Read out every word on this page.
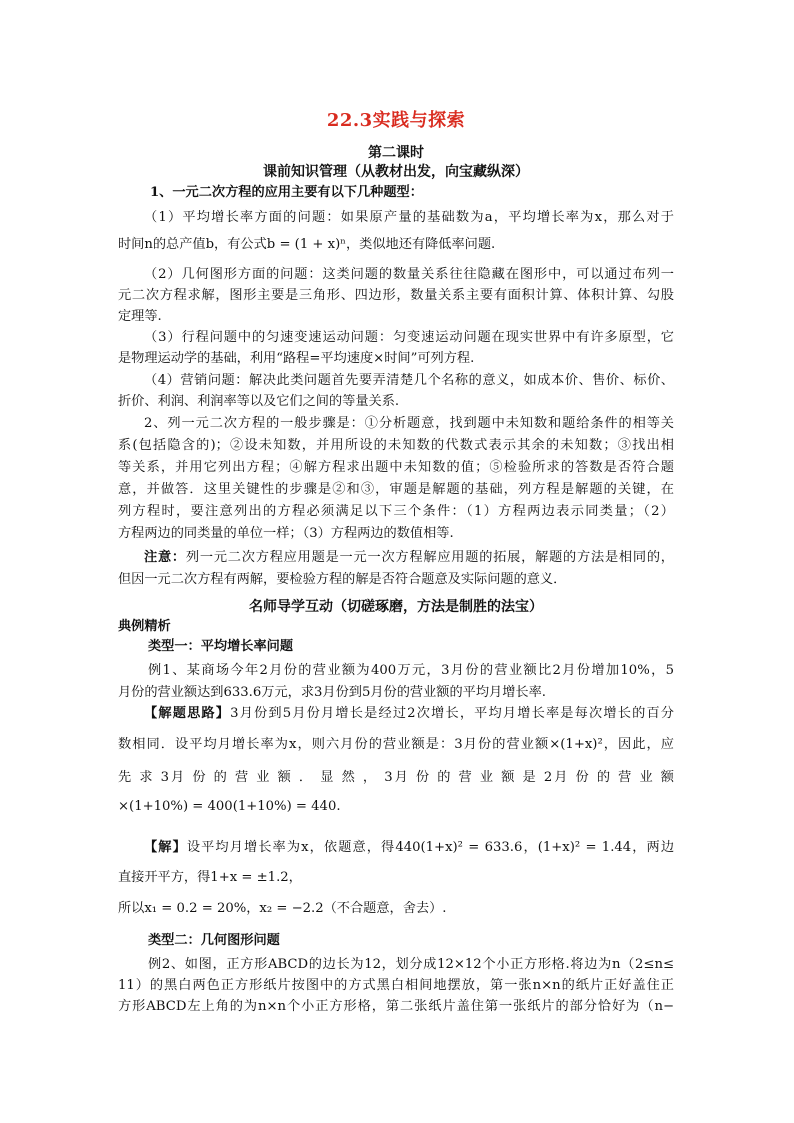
22.3实践与探索
第二课时
课前知识管理（从教材出发，向宝藏纵深）
1、一元二次方程的应用主要有以下几种题型：
（1）平均增长率方面的问题：如果原产量的基础数为a，平均增长率为x，那么对于
时间n的总产值b，有公式b = (1 + x)ⁿ，类似地还有降低率问题.
（2）几何图形方面的问题：这类问题的数量关系往往隐藏在图形中，可以通过布列一
元二次方程求解，图形主要是三角形、四边形，数量关系主要有面积计算、体积计算、勾股
定理等.
（3）行程问题中的匀速变速运动问题：匀变速运动问题在现实世界中有许多原型，它
是物理运动学的基础，利用“路程=平均速度×时间”可列方程.
（4）营销问题：解决此类问题首先要弄清楚几个名称的意义，如成本价、售价、标价、
折价、利润、利润率等以及它们之间的等量关系.
2、列一元二次方程的一般步骤是：①分析题意，找到题中未知数和题给条件的相等关
系(包括隐含的)；②设未知数，并用所设的未知数的代数式表示其余的未知数；③找出相
等关系，并用它列出方程；④解方程求出题中未知数的值；⑤检验所求的答数是否符合题
意，并做答．这里关键性的步骤是②和③，审题是解题的基础，列方程是解题的关键，在
列方程时，要注意列出的方程必须满足以下三个条件：（1）方程两边表示同类量；（2）
方程两边的同类量的单位一样；（3）方程两边的数值相等.
注意：列一元二次方程应用题是一元一次方程解应用题的拓展，解题的方法是相同的，
但因一元二次方程有两解，要检验方程的解是否符合题意及实际问题的意义．
名师导学互动（切磋琢磨，方法是制胜的法宝）
典例精析
类型一：平均增长率问题
例1、某商场今年2月份的营业额为400万元，3月份的营业额比2月份增加10%，5
月份的营业额达到633.6万元，求3月份到5月份的营业额的平均月增长率.
【解题思路】3月份到5月份月增长是经过2次增长，平均月增长率是每次增长的百分
数相同．设平均月增长率为x，则六月份的营业额是：3月份的营业额×(1+x)²，因此，应
先 求 3月 份 的 营 业 额 ． 显 然 ， 3月 份 的 营 业 额 是 2月 份 的 营 业 额
×(1+10%) = 400(1+10%) = 440.
【解】设平均月增长率为x，依题意，得440(1+x)² = 633.6，(1+x)² = 1.44，两边
直接开平方，得1+x = ±1.2，
所以x₁ = 0.2 = 20%，x₂ = −2.2（不合题意，舍去）.
类型二：几何图形问题
例2、如图，正方形ABCD的边长为12，划分成12×12个小正方形格.将边为n（2≤n≤
11）的黑白两色正方形纸片按图中的方式黑白相间地摆放，第一张n×n的纸片正好盖住正
方形ABCD左上角的为n×n个小正方形格，第二张纸片盖住第一张纸片的部分恰好为（n−
